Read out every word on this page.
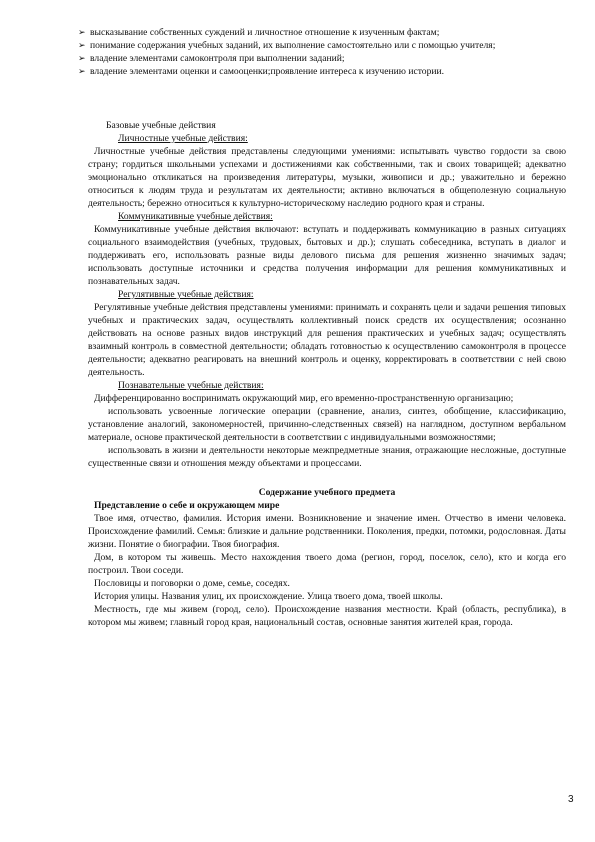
➢ высказывание собственных суждений и личностное отношение к изученным фактам;
➢ понимание содержания учебных заданий, их выполнение самостоятельно или с помощью учителя;
➢ владение элементами самоконтроля при выполнении заданий;
➢ владение элементами оценки и самооценки;проявление интереса к изучению истории.

Базовые учебные действия

Личностные учебные действия:

Личностные учебные действия представлены следующими умениями: испытывать чувство гордости за свою страну; гордиться школьными успехами и достижениями как собственными, так и своих товарищей; адекватно эмоционально откликаться на произведения литературы, музыки, живописи и др.; уважительно и бережно относиться к людям труда и результатам их деятельности; активно включаться в общеполезную социальную деятельность; бережно относиться к культурно-историческому наследию родного края и страны.

Коммуникативные учебные действия:

Коммуникативные учебные действия включают: вступать и поддерживать коммуникацию в разных ситуациях социального взаимодействия (учебных, трудовых, бытовых и др.); слушать собеседника, вступать в диалог и поддерживать его, использовать разные виды делового письма для решения жизненно значимых задач; использовать доступные источники и средства получения информации для решения коммуникативных и познавательных задач.

Регулятивные учебные действия:

Регулятивные учебные действия представлены умениями: принимать и сохранять цели и задачи решения типовых учебных и практических задач, осуществлять коллективный поиск средств их осуществления; осознанно действовать на основе разных видов инструкций для решения практических и учебных задач; осуществлять взаимный контроль в совместной деятельности; обладать готовностью к осуществлению самоконтроля в процессе деятельности; адекватно реагировать на внешний контроль и оценку, корректировать в соответствии с ней свою деятельность.

Познавательные учебные действия:

Дифференцированно воспринимать окружающий мир, его временно-пространственную организацию;

использовать усвоенные логические операции (сравнение, анализ, синтез, обобщение, классификацию, установление аналогий, закономерностей, причинно-следственных связей) на наглядном, доступном вербальном материале, основе практической деятельности в соответствии с индивидуальными возможностями;

использовать в жизни и деятельности некоторые межпредметные знания, отражающие несложные, доступные существенные связи и отношения между объектами и процессами.

Содержание учебного предмета

Представление о себе и окружающем мире

Твое имя, отчество, фамилия. История имени. Возникновение и значение имен. Отчество в имени человека. Происхождение фамилий. Семья: близкие и дальние родственники. Поколения, предки, потомки, родословная. Даты жизни. Понятие о биографии. Твоя биография.

Дом, в котором ты живешь. Место нахождения твоего дома (регион, город, поселок, село), кто и когда его построил. Твои соседи.

Пословицы и поговорки о доме, семье, соседях.

История улицы. Названия улиц, их происхождение. Улица твоего дома, твоей школы.

Местность, где мы живем (город, село). Происхождение названия местности. Край (область, республика), в котором мы живем; главный город края, национальный состав, основные занятия жителей края, города.

3
